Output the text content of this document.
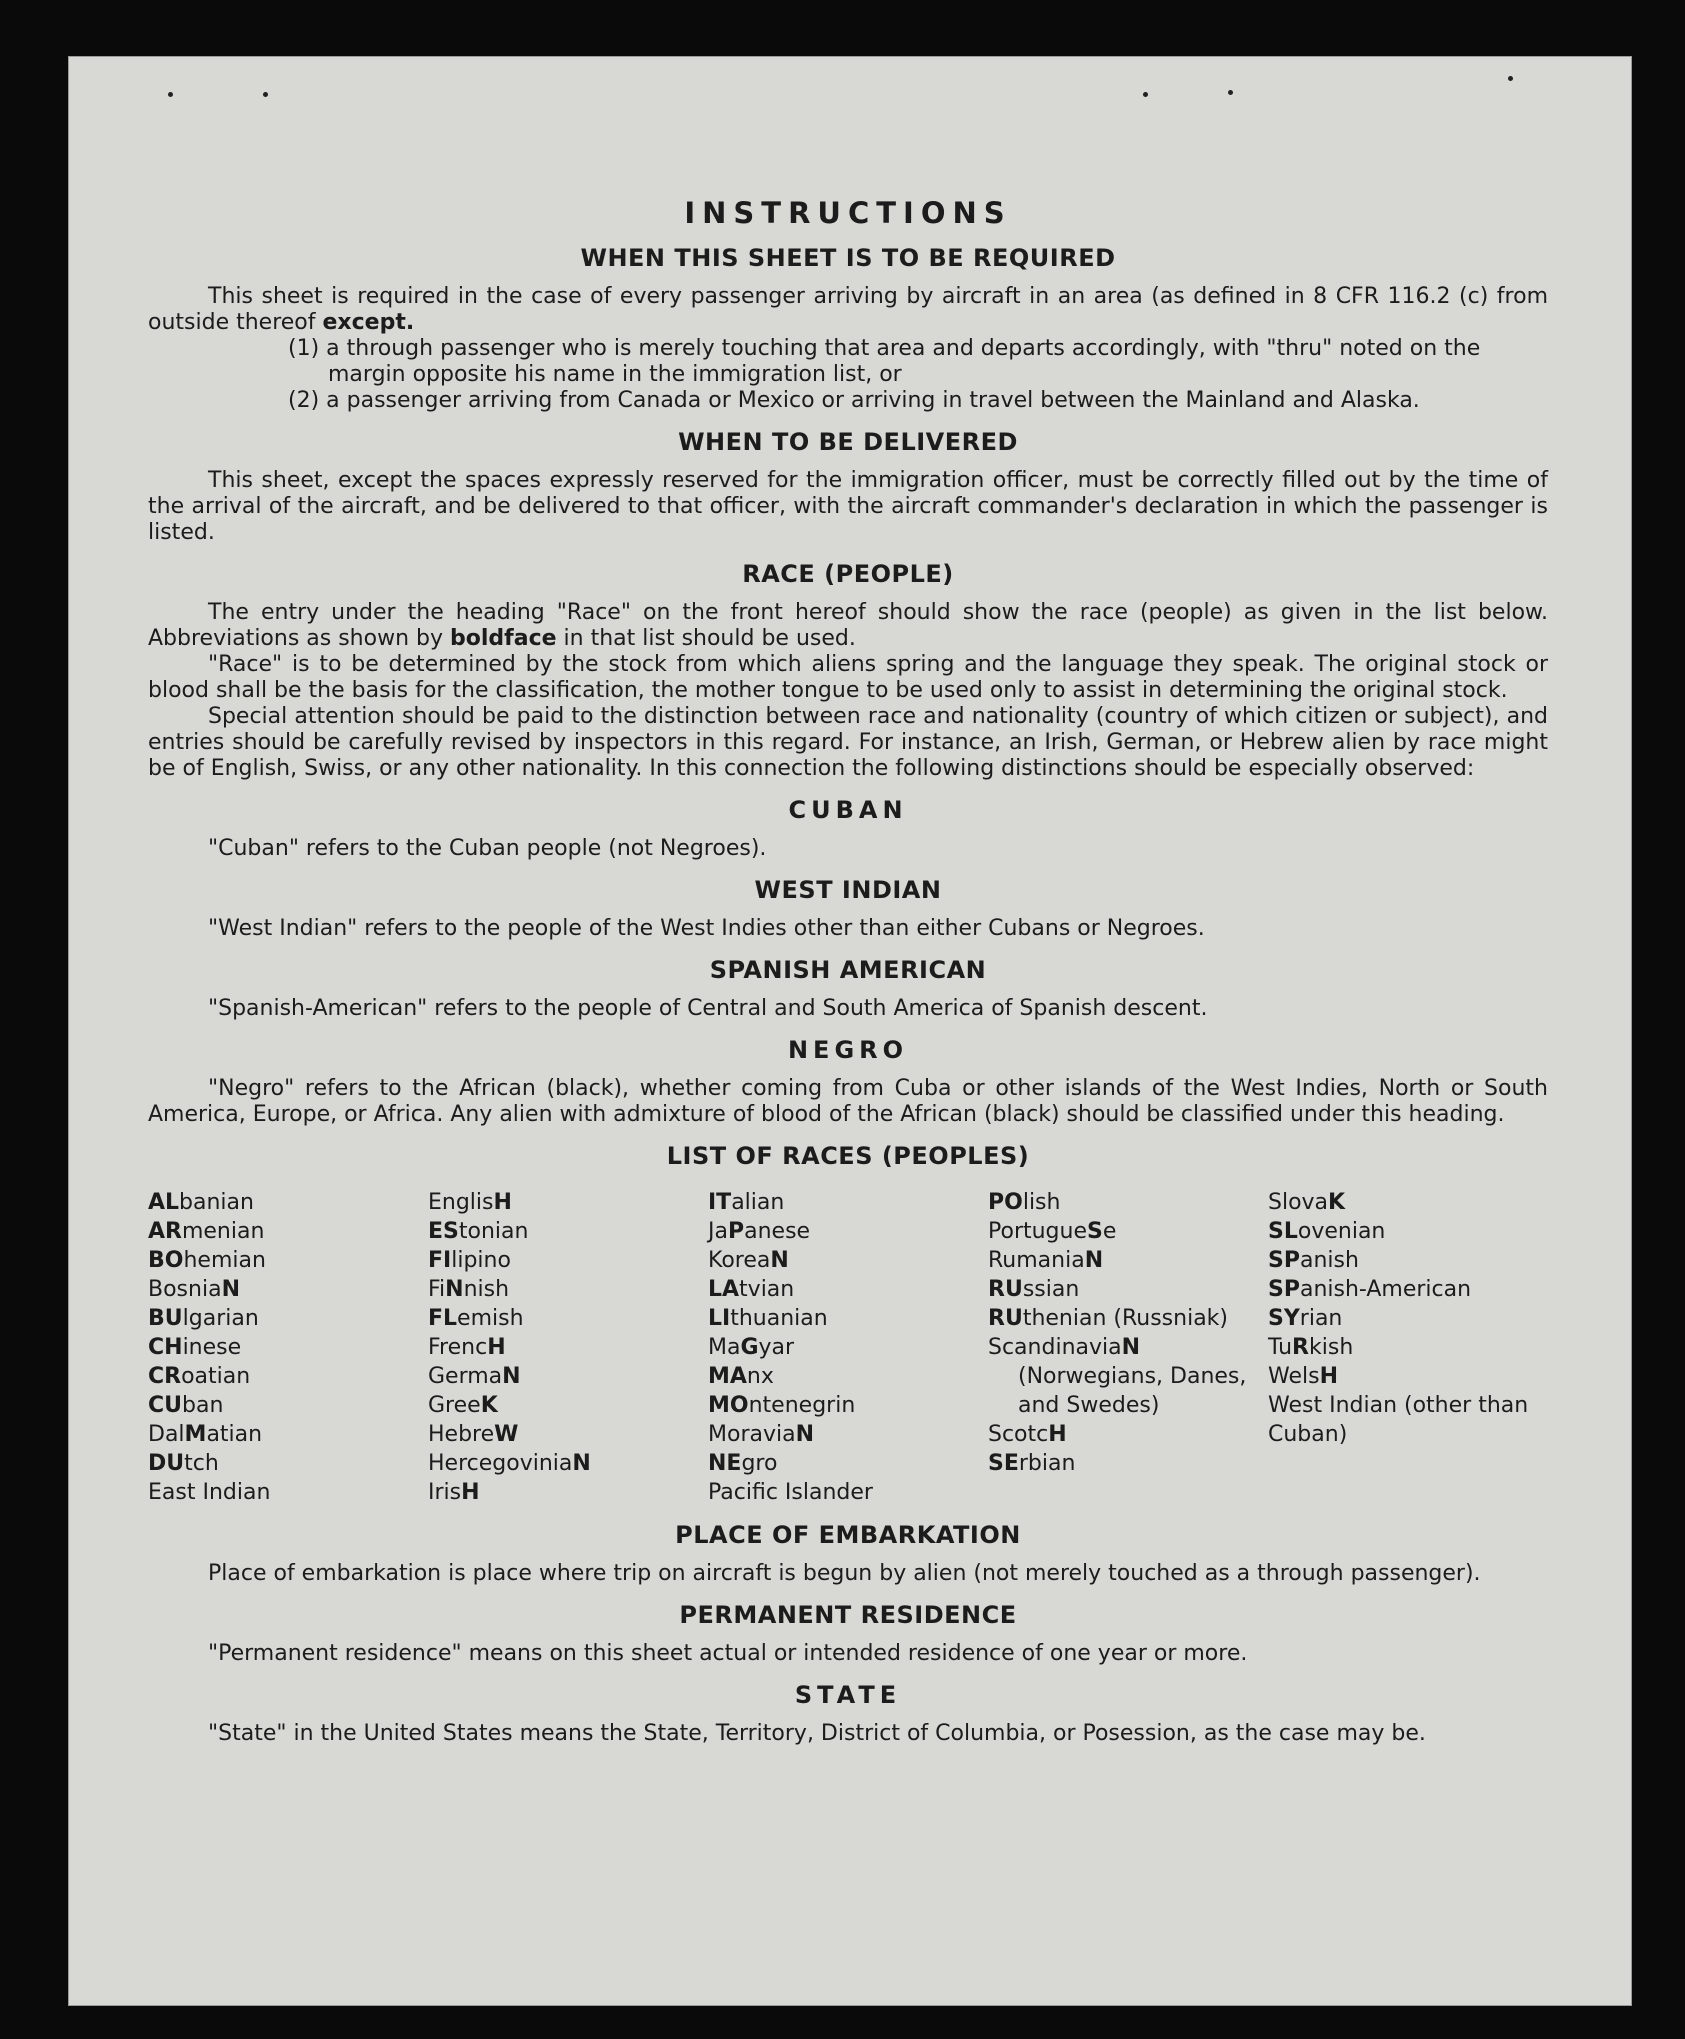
INSTRUCTIONS
WHEN THIS SHEET IS TO BE REQUIRED

This sheet is required in the case of every passenger arriving by aircraft in an area (as defined in 8 CFR 116.2 (c) from outside thereof except.

(1) a through passenger who is merely touching that area and departs accordingly, with "thru" noted on the margin opposite his name in the immigration list, or
(2) a passenger arriving from Canada or Mexico or arriving in travel between the Mainland and Alaska.
WHEN TO BE DELIVERED

This sheet, except the spaces expressly reserved for the immigration officer, must be correctly filled out by the time of the arrival of the aircraft, and be delivered to that officer, with the aircraft commander's declaration in which the passenger is listed.

RACE (PEOPLE)

The entry under the heading "Race" on the front hereof should show the race (people) as given in the list below. Abbreviations as shown by boldface in that list should be used.

"Race" is to be determined by the stock from which aliens spring and the language they speak. The original stock or blood shall be the basis for the classification, the mother tongue to be used only to assist in determining the original stock.

Special attention should be paid to the distinction between race and nationality (country of which citizen or subject), and entries should be carefully revised by inspectors in this regard. For instance, an Irish, German, or Hebrew alien by race might be of English, Swiss, or any other nationality. In this connection the following distinctions should be especially observed:

CUBAN

"Cuban" refers to the Cuban people (not Negroes).

WEST INDIAN

"West Indian" refers to the people of the West Indies other than either Cubans or Negroes.

SPANISH AMERICAN

"Spanish-American" refers to the people of Central and South America of Spanish descent.

NEGRO

"Negro" refers to the African (black), whether coming from Cuba or other islands of the West Indies, North or South America, Europe, or Africa. Any alien with admixture of blood of the African (black) should be classified under this heading.

LIST OF RACES (PEOPLES)
ALbanian
ARmenian
BOhemian
BosniaN
BUlgarian
CHinese
CRoatian
CUban
DalMatian
DUtch
East Indian
EnglisH
EStonian
FIlipino
FiNnish
FLemish
FrencH
GermaN
GreeK
HebreW
HercegoviniaN
IrisH
ITalian
JaPanese
KoreaN
LAtvian
LIthuanian
MaGyar
MAnx
MOntenegrin
MoraviaN
NEgro
Pacific Islander
POlish
PortugueSe
RumaniaN
RUssian
RUthenian (Russniak)
ScandinaviaN
(Norwegians, Danes, and Swedes)
ScotcH
SErbian
SlovaK
SLovenian
SPanish
SPanish-American
SYrian
TuRkish
WelsH
West Indian (other than Cuban)
PLACE OF EMBARKATION

Place of embarkation is place where trip on aircraft is begun by alien (not merely touched as a through passenger).

PERMANENT RESIDENCE

"Permanent residence" means on this sheet actual or intended residence of one year or more.

STATE

"State" in the United States means the State, Territory, District of Columbia, or Posession, as the case may be.
